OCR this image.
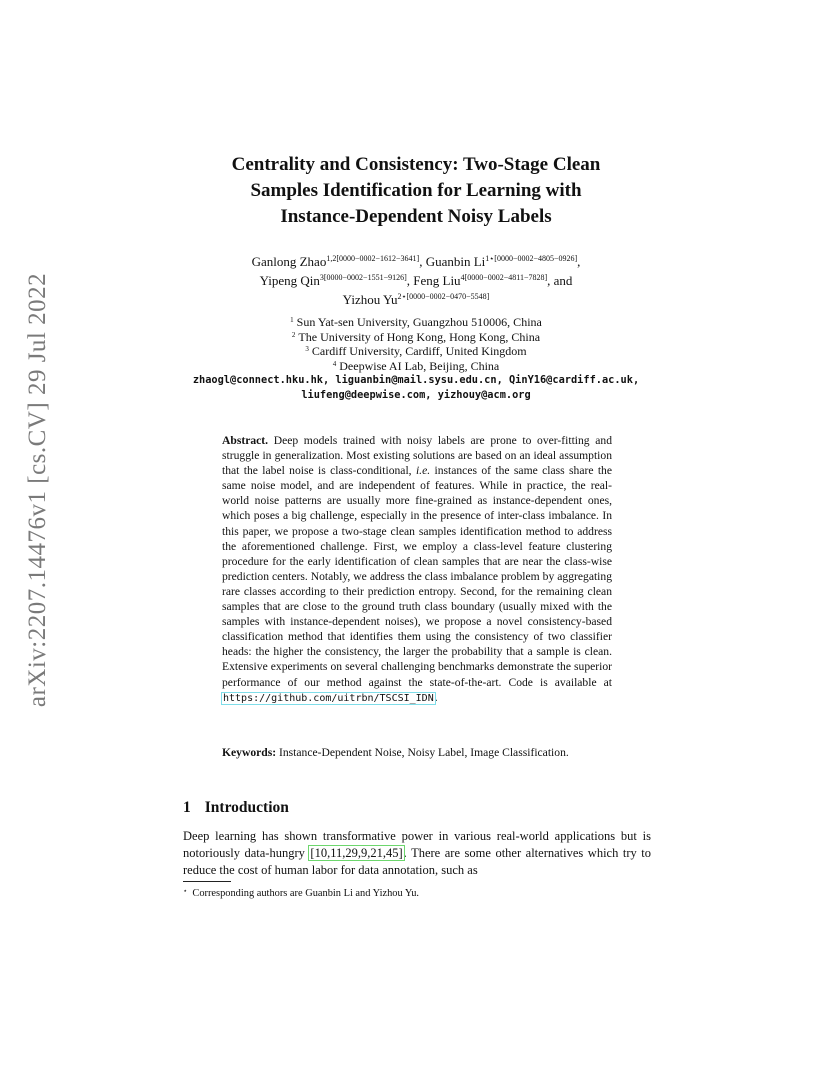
arXiv:2207.14476v1 [cs.CV] 29 Jul 2022
Centrality and Consistency: Two-Stage Clean
Samples Identification for Learning with
Instance-Dependent Noisy Labels
Ganlong Zhao$^{1,2[0000-0002-1612-3641]}$, Guanbin $Li^{1⋆[0000-0002-4805-0926]}$,
Yipeng Qin$^{3[0000-0002-1551-9126]}$, Feng Liu$^{4[0000-0002-4811-7828]}$, and
Yizhou $Yu^{2⋆[0000-0002-0470-5548]}$
$^1$ Sun Yat-sen University, Guangzhou 510006, China
$^2$ The University of Hong Kong, Hong Kong, China
$^3$ Cardiff University, Cardiff, United Kingdom
$^4$ Deepwise AI Lab, Beijing, China
zhaogl@connect.hku.hk, liguanbin@mail.sysu.edu.cn, QinY16@cardiff.ac.uk,
liufeng@deepwise.com, yizhouy@acm.org
Abstract. Deep models trained with noisy labels are prone to over-fitting and struggle in generalization. Most existing solutions are based on an ideal assumption that the label noise is class-conditional, i.e. instances of the same class share the same noise model, and are independent of features. While in practice, the real-world noise patterns are usually more fine-grained as instance-dependent ones, which poses a big challenge, especially in the presence of inter-class imbalance. In this paper, we propose a two-stage clean samples identification method to address the aforementioned challenge. First, we employ a class-level feature clustering procedure for the early identification of clean samples that are near the class-wise prediction centers. Notably, we address the class imbalance problem by aggregating rare classes according to their prediction entropy. Second, for the remaining clean samples that are close to the ground truth class boundary (usually mixed with the samples with instance-dependent noises), we propose a novel consistency-based classification method that identifies them using the consistency of two classifier heads: the higher the consistency, the larger the probability that a sample is clean. Extensive experiments on several challenging benchmarks demonstrate the superior performance of our method against the state-of-the-art. Code is available at https://github.com/uitrbn/TSCSI_IDN.
Keywords: Instance-Dependent Noise, Noisy Label, Image Classification.
1 Introduction
Deep learning has shown transformative power in various real-world applications but is notoriously data-hungry [10,11,29,9,21,45]. There are some other alternatives which try to reduce the cost of human labor for data annotation, such as
⋆ Corresponding authors are Guanbin Li and Yizhou Yu.
